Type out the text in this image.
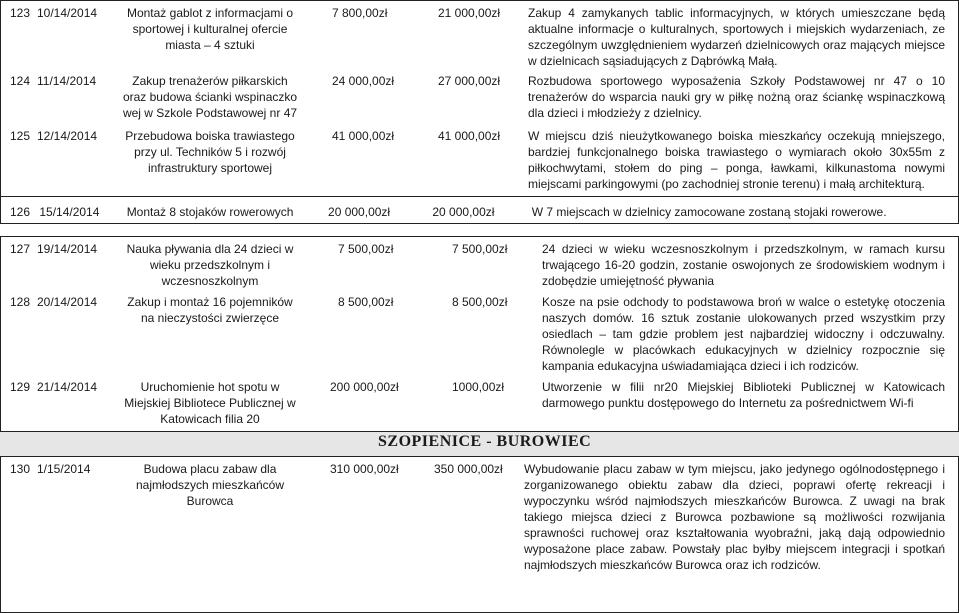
123	10/14/2014	Montaż gablot z informacjami o sportowej i kulturalnej ofercie miasta – 4 sztuki	7 800,00zł	21 000,00zł	Zakup 4 zamykanych tablic informacyjnych, w których umieszczane będą aktualne informacje o kulturalnych, sportowych i miejskich wydarzeniach, ze szczególnym uwzględnieniem wydarzeń dzielnicowych oraz mających miejsce w dzielnicach sąsiadujących z Dąbrówką Małą.
124	11/14/2014	Zakup trenażerów piłkarskich oraz budowa ścianki wspinaczko wej w Szkole Podstawowej nr 47	24 000,00zł	27 000,00zł	Rozbudowa sportowego wyposażenia Szkoły Podstawowej nr 47 o 10 trenażerów do wsparcia nauki gry w piłkę nożną oraz ściankę wspinaczkową dla dzieci i młodzieży z dzielnicy.
125	12/14/2014	Przebudowa boiska trawiastego przy ul. Techników 5 i rozwój infrastruktury sportowej	41 000,00zł	41 000,00zł	W miejscu dziś nieużytkowanego boiska mieszkańcy oczekują mniejszego, bardziej funkcjonalnego boiska trawiastego o wymiarach około 30x55m z piłkochwytami, stołem do ping – ponga, ławkami, kilkunastoma nowymi miejscami parkingowymi (po zachodniej stronie terenu) i małą architekturą.
126 15/14/2014 Montaż 8 stojaków rowerowych	20 000,00zł	20 000,00zł	W 7 miejscach w dzielnicy zamocowane zostaną stojaki rowerowe.
127	19/14/2014	Nauka pływania dla 24 dzieci w wieku przedszkolnym i wczesnoszkolnym	7 500,00zł	7 500,00zł	24 dzieci w wieku wczesnoszkolnym i przedszkolnym, w ramach kursu trwającego 16-20 godzin, zostanie oswojonych ze środowiskiem wodnym i zdobędzie umiejętność pływania
128	20/14/2014	Zakup i montaż 16 pojemników na nieczystości zwierzęce	8 500,00zł	8 500,00zł	Kosze na psie odchody to podstawowa broń w walce o estetykę otoczenia naszych domów. 16 sztuk zostanie ulokowanych przed wszystkim przy osiedlach – tam gdzie problem jest najbardziej widoczny i odczuwalny. Równolegle w placówkach edukacyjnych w dzielnicy rozpocznie się kampania edukacyjna uświadamiająca dzieci i ich rodziców.
129	21/14/2014	Uruchomienie hot spotu w Miejskiej Bibliotece Publicznej w Katowicach filia 20	200 000,00zł	1000,00zł	Utworzenie w filii nr20 Miejskiej Biblioteki Publicznej w Katowicach darmowego punktu dostępowego do Internetu za pośrednictwem Wi-fi
SZOPIENICE - BUROWIEC
130	1/15/2014	Budowa placu zabaw dla najmłodszych mieszkańców Burowca	310 000,00zł	350 000,00zł	Wybudowanie placu zabaw w tym miejscu, jako jedynego ogólnodostępnego i zorganizowanego obiektu zabaw dla dzieci, poprawi ofertę rekreacji i wypoczynku wśród najmłodszych mieszkańców Burowca. Z uwagi na brak takiego miejsca dzieci z Burowca pozbawione są możliwości rozwijania sprawności ruchowej oraz kształtowania wyobraźni, jaką dają odpowiednio wyposażone place zabaw. Powstały plac byłby miejscem integracji i spotkań najmłodszych mieszkańców Burowca oraz ich rodziców.
